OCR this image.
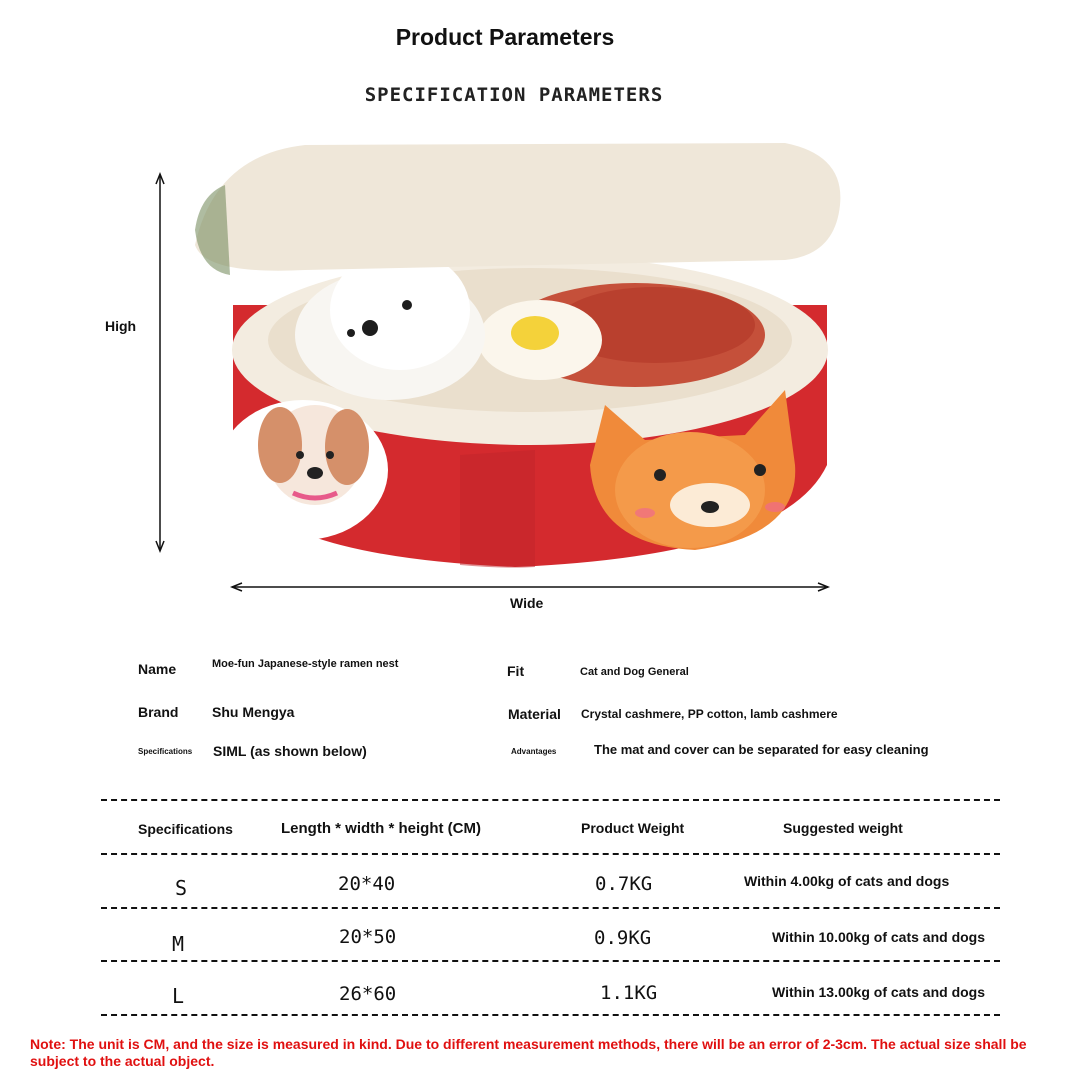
Product Parameters
SPECIFICATION PARAMETERS
High
Wide
Name	Moe-fun Japanese-style ramen nest	Fit	Cat and Dog General
Brand Shu Mengya	Material Crystal cashmere, PP cotton, lamb cashmere
Specifications SIML (as shown below)	Advantages	The mat and cover can be separated for easy cleaning
Specifications	Length * width * height (CM)	Product Weight	Suggested weight
S	20*40	0.7KG	Within 4.00kg of cats and dogs
M	20*50	0.9KG	Within 10.00kg of cats and dogs
L	26*60	1.1KG	Within 13.00kg of cats and dogs
Note: The unit is CM, and the size is measured in kind. Due to different measurement methods, there will be an error of 2-3cm. The actual size shall be subject to the actual object.
